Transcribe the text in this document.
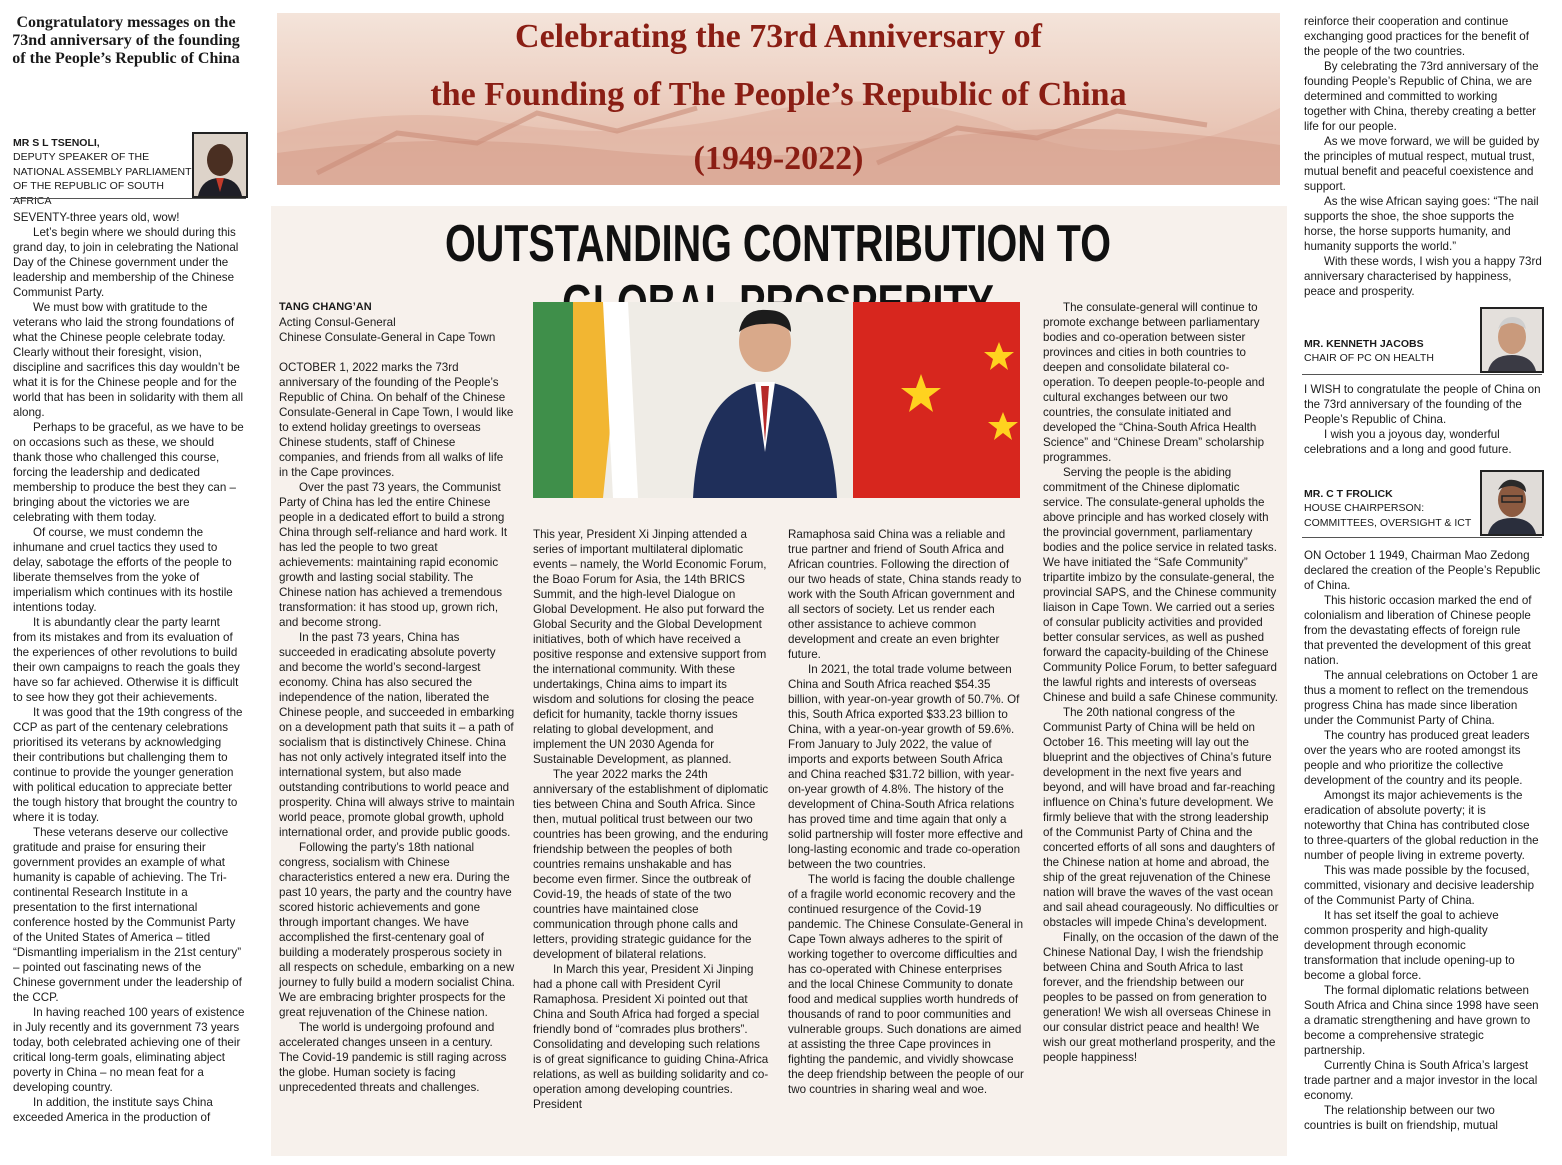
Congratulatory messages on the 73nd anniversary of the founding of the People’s Republic of China
MR S L TSENOLI,
DEPUTY SPEAKER OF THE NATIONAL ASSEMBLY PARLIAMENT OF THE REPUBLIC OF SOUTH AFRICA

SEVENTY-three years old, wow!

Let’s begin where we should during this grand day, to join in celebrating the National Day of the Chinese government under the leadership and membership of the Chinese Communist Party.

We must bow with gratitude to the veterans who laid the strong foundations of what the Chinese people celebrate today. Clearly without their foresight, vision, discipline and sacrifices this day wouldn’t be what it is for the Chinese people and for the world that has been in solidarity with them all along.

Perhaps to be graceful, as we have to be on occasions such as these, we should thank those who challenged this course, forcing the leadership and dedicated membership to produce the best they can – bringing about the victories we are celebrating with them today.

Of course, we must condemn the inhumane and cruel tactics they used to delay, sabotage the efforts of the people to liberate themselves from the yoke of imperialism which continues with its hostile intentions today.

It is abundantly clear the party learnt from its mistakes and from its evaluation of the experiences of other revolutions to build their own campaigns to reach the goals they have so far achieved. Otherwise it is difficult to see how they got their achievements.

It was good that the 19th congress of the CCP as part of the centenary celebrations prioritised its veterans by acknowledging their contributions but challenging them to continue to provide the younger generation with political education to appreciate better the tough history that brought the country to where it is today.

These veterans deserve our collective gratitude and praise for ensuring their government provides an example of what humanity is capable of achieving. The Tri-continental Research Institute in a presentation to the first international conference hosted by the Communist Party of the United States of America – titled “Dismantling imperialism in the 21st century” – pointed out fascinating news of the Chinese government under the leadership of the CCP.

In having reached 100 years of existence in July recently and its government 73 years today, both celebrated achieving one of their critical long-term goals, eliminating abject poverty in China – no mean feat for a developing country.

In addition, the institute says China exceeded America in the production of

Celebrating the 73rd Anniversary of
the Founding of The People’s Republic of China
(1949-2022)
OUTSTANDING CONTRIBUTION TO
TANG CHANG’AN
Acting Consul-General
Chinese Consulate-General in Cape Town

OCTOBER 1, 2022 marks the 73rd anniversary of the founding of the People’s Republic of China. On behalf of the Chinese Consulate-General in Cape Town, I would like to extend holiday greetings to overseas Chinese students, staff of Chinese companies, and friends from all walks of life in the Cape provinces.

Over the past 73 years, the Communist Party of China has led the entire Chinese people in a dedicated effort to build a strong China through self-reliance and hard work. It has led the people to two great achievements: maintaining rapid economic growth and lasting social stability. The Chinese nation has achieved a tremendous transformation: it has stood up, grown rich, and become strong.

In the past 73 years, China has succeeded in eradicating absolute poverty and become the world’s second-largest economy. China has also secured the independence of the nation, liberated the Chinese people, and succeeded in embarking on a development path that suits it – a path of socialism that is distinctively Chinese. China has not only actively integrated itself into the international system, but also made outstanding contributions to world peace and prosperity. China will always strive to maintain world peace, promote global growth, uphold international order, and provide public goods.

Following the party’s 18th national congress, socialism with Chinese characteristics entered a new era. During the past 10 years, the party and the country have scored historic achievements and gone through important changes. We have accomplished the first-centenary goal of building a moderately prosperous society in all respects on schedule, embarking on a new journey to fully build a modern socialist China. We are embracing brighter prospects for the great rejuvenation of the Chinese nation.

The world is undergoing profound and accelerated changes unseen in a century. The Covid-19 pandemic is still raging across the globe. Human society is facing unprecedented threats and challenges.

This year, President Xi Jinping attended a series of important multilateral diplomatic events – namely, the World Economic Forum, the Boao Forum for Asia, the 14th BRICS Summit, and the high-level Dialogue on Global Development. He also put forward the Global Security and the Global Development initiatives, both of which have received a positive response and extensive support from the international community. With these undertakings, China aims to impart its wisdom and solutions for closing the peace deficit for humanity, tackle thorny issues relating to global development, and implement the UN 2030 Agenda for Sustainable Development, as planned.

The year 2022 marks the 24th anniversary of the establishment of diplomatic ties between China and South Africa. Since then, mutual political trust between our two countries has been growing, and the enduring friendship between the peoples of both countries remains unshakable and has become even firmer. Since the outbreak of Covid-19, the heads of state of the two countries have maintained close communication through phone calls and letters, providing strategic guidance for the development of bilateral relations.

In March this year, President Xi Jinping had a phone call with President Cyril Ramaphosa. President Xi pointed out that China and South Africa had forged a special friendly bond of “comrades plus brothers”. Consolidating and developing such relations is of great significance to guiding China-Africa relations, as well as building solidarity and co-operation among developing countries. President

Ramaphosa said China was a reliable and true partner and friend of South Africa and African countries. Following the direction of our two heads of state, China stands ready to work with the South African government and all sectors of society. Let us render each other assistance to achieve common development and create an even brighter future.

In 2021, the total trade volume between China and South Africa reached $54.35 billion, with year-on-year growth of 50.7%. Of this, South Africa exported $33.23 billion to China, with a year-on-year growth of 59.6%. From January to July 2022, the value of imports and exports between South Africa and China reached $31.72 billion, with year-on-year growth of 4.8%. The history of the development of China-South Africa relations has proved time and time again that only a solid partnership will foster more effective and long-lasting economic and trade co-operation between the two countries.

The world is facing the double challenge of a fragile world economic recovery and the continued resurgence of the Covid-19 pandemic. The Chinese Consulate-General in Cape Town always adheres to the spirit of working together to overcome difficulties and has co-operated with Chinese enterprises and the local Chinese Community to donate food and medical supplies worth hundreds of thousands of rand to poor communities and vulnerable groups. Such donations are aimed at assisting the three Cape provinces in fighting the pandemic, and vividly showcase the deep friendship between the people of our two countries in sharing weal and woe.

The consulate-general will continue to promote exchange between parliamentary bodies and co-operation between sister provinces and cities in both countries to deepen and consolidate bilateral co-operation. To deepen people-to-people and cultural exchanges between our two countries, the consulate initiated and developed the “China-South Africa Health Science” and “Chinese Dream” scholarship programmes.

Serving the people is the abiding commitment of the Chinese diplomatic service. The consulate-general upholds the above principle and has worked closely with the provincial government, parliamentary bodies and the police service in related tasks. We have initiated the “Safe Community” tripartite imbizo by the consulate-general, the provincial SAPS, and the Chinese community liaison in Cape Town. We carried out a series of consular publicity activities and provided better consular services, as well as pushed forward the capacity-building of the Chinese Community Police Forum, to better safeguard the lawful rights and interests of overseas Chinese and build a safe Chinese community.

The 20th national congress of the Communist Party of China will be held on October 16. This meeting will lay out the blueprint and the objectives of China’s future development in the next five years and beyond, and will have broad and far-reaching influence on China’s future development. We firmly believe that with the strong leadership of the Communist Party of China and the concerted efforts of all sons and daughters of the Chinese nation at home and abroad, the ship of the great rejuvenation of the Chinese nation will brave the waves of the vast ocean and sail ahead courageously. No difficulties or obstacles will impede China’s development.

Finally, on the occasion of the dawn of the Chinese National Day, I wish the friendship between China and South Africa to last forever, and the friendship between our peoples to be passed on from generation to generation! We wish all overseas Chinese in our consular district peace and health! We wish our great motherland prosperity, and the people happiness!

reinforce their cooperation and continue exchanging good practices for the benefit of the people of the two countries.

By celebrating the 73rd anniversary of the founding People’s Republic of China, we are determined and committed to working together with China, thereby creating a better life for our people.

As we move forward, we will be guided by the principles of mutual respect, mutual trust, mutual benefit and peaceful coexistence and support.

As the wise African saying goes: “The nail supports the shoe, the shoe supports the horse, the horse supports humanity, and humanity supports the world.”

With these words, I wish you a happy 73rd anniversary characterised by happiness, peace and prosperity.

MR. KENNETH JACOBS
CHAIR OF PC ON HEALTH

I WISH to congratulate the people of China on the 73rd anniversary of the founding of the People’s Republic of China.

I wish you a joyous day, wonderful celebrations and a long and good future.

MR. C T FROLICK
HOUSE CHAIRPERSON:
COMMITTEES, OVERSIGHT & ICT

ON October 1 1949, Chairman Mao Zedong declared the creation of the People’s Republic of China.

This historic occasion marked the end of colonialism and liberation of Chinese people from the devastating effects of foreign rule that prevented the development of this great nation.

The annual celebrations on October 1 are thus a moment to reflect on the tremendous progress China has made since liberation under the Communist Party of China.

The country has produced great leaders over the years who are rooted amongst its people and who prioritize the collective development of the country and its people.

Amongst its major achievements is the eradication of absolute poverty; it is noteworthy that China has contributed close to three-quarters of the global reduction in the number of people living in extreme poverty.

This was made possible by the focused, committed, visionary and decisive leadership of the Communist Party of China.

It has set itself the goal to achieve common prosperity and high-quality development through economic transformation that include opening-up to become a global force.

The formal diplomatic relations between South Africa and China since 1998 have seen a dramatic strengthening and have grown to become a comprehensive strategic partnership.

Currently China is South Africa’s largest trade partner and a major investor in the local economy.

The relationship between our two countries is built on friendship, mutual
